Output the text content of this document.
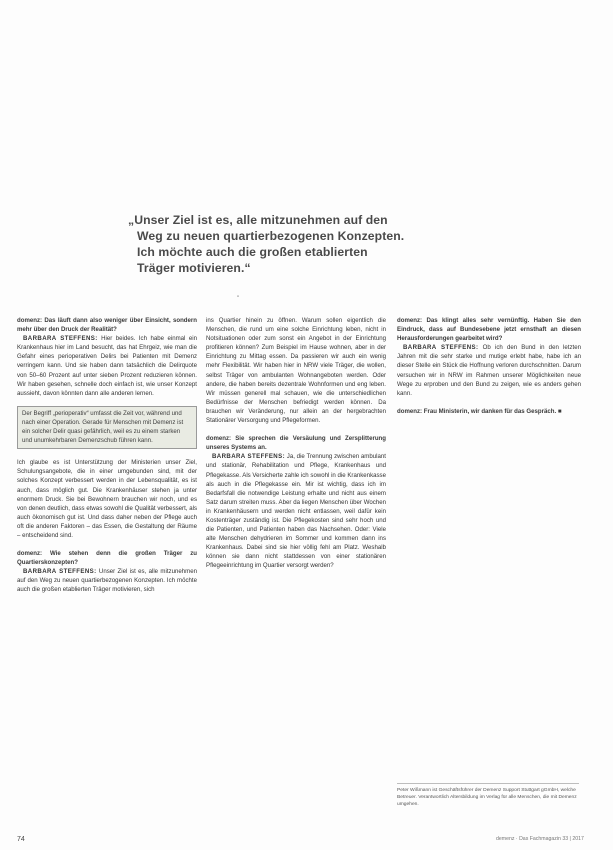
„Unser Ziel ist es, alle mitzunehmen auf den
Weg zu neuen quartierbezogenen Konzepten.
Ich möchte auch die großen etablierten
Träger motivieren.“
"

domenz: Das läuft dann also weniger über Einsicht, sondern mehr über den Druck der Realität?

BARBARA STEFFENS: Hier beides. Ich habe einmal ein Krankenhaus hier im Land besucht, das hat Ehrgeiz, wie man die Gefahr eines perioperativen Delirs bei Patienten mit Demenz verringern kann. Und sie haben dann tatsächlich die Delirquote von 50–60 Prozent auf unter sieben Prozent reduzieren können. Wir haben gesehen, schnelle doch einfach ist, wie unser Konzept aussieht, davon könnten dann alle anderen lernen.

Der Begriff „perioperativ“ umfasst die Zeit vor, während und nach einer Operation. Gerade für Menschen mit Demenz ist ein solcher Delir quasi gefährlich, weil es zu einem starken und unumkehrbaren Demenzschub führen kann.

Ich glaube es ist Unterstützung der Ministerien unser Ziel, Schulungsangebote, die in einer umgebunden sind, mit der solches Konzept verbessert werden in der Lebensqualität, es ist auch, dass möglich gut. Die Krankenhäuser stehen ja unter enormem Druck. Sie bei Bewohnern brauchen wir noch, und es von denen deutlich, dass etwas sowohl die Qualität verbessert, als auch ökonomisch gut ist. Und dass daher neben der Pflege auch oft die anderen Faktoren – das Essen, die Gestaltung der Räume – entscheidend sind.

domenz: Wie stehen denn die großen Träger zu Quartierskonzepten?

BARBARA STEFFENS: Unser Ziel ist es, alle mitzunehmen auf den Weg zu neuen quartierbezogenen Konzepten. Ich möchte auch die großen etablierten Träger motivieren, sich

ins Quartier hinein zu öffnen. Warum sollen eigentlich die Menschen, die rund um eine solche Einrichtung leben, nicht in Notsituationen oder zum sonst ein Angebot in der Einrichtung profitieren können? Zum Beispiel im Hause wohnen, aber in der Einrichtung zu Mittag essen. Da passieren wir auch ein wenig mehr Flexibilität. Wir haben hier in NRW viele Träger, die wollen, selbst Träger von ambulanten Wohnangeboten werden. Oder andere, die haben bereits dezentrale Wohnformen und eng leben. Wir müssen generell mal schauen, wie die unterschiedlichen Bedürfnisse der Menschen befriedigt werden können. Da brauchen wir Veränderung, nur allein an der hergebrachten Stationärer Versorgung und Pflegeformen.

domenz: Sie sprechen die Versäulung und Zersplitterung unseres Systems an.

BARBARA STEFFENS: Ja, die Trennung zwischen ambulant und stationär, Rehabilitation und Pflege, Krankenhaus und Pflegekasse. Als Versicherte zahle ich sowohl in die Krankenkasse als auch in die Pflegekasse ein. Mir ist wichtig, dass ich im Bedarfsfall die notwendige Leistung erhalte und nicht aus einem Satz darum streiten muss. Aber da liegen Menschen über Wochen in Krankenhäusern und werden nicht entlassen, weil dafür kein Kostenträger zuständig ist. Die Pflegekosten sind sehr hoch und die Patienten, und Patienten haben das Nachsehen. Oder: Viele alte Menschen dehydrieren im Sommer und kommen dann ins Krankenhaus. Dabei sind sie hier völlig fehl am Platz. Weshalb können sie dann nicht stattdessen von einer stationären Pflegeeinrichtung im Quartier versorgt werden?

domenz: Das klingt alles sehr vernünftig. Haben Sie den Eindruck, dass auf Bundesebene jetzt ernsthaft an diesen Herausforderungen gearbeitet wird?

BARBARA STEFFENS: Ob ich den Bund in den letzten Jahren mit die sehr starke und mutige erlebt habe, habe ich an dieser Stelle ein Stück die Hoffnung verloren durchschnitten. Darum versuchen wir in NRW im Rahmen unserer Möglichkeiten neue Wege zu erproben und den Bund zu zeigen, wie es anders gehen kann.

domenz: Frau Ministerin, wir danken für das Gespräch. ■

Peter Wißmann ist Geschäftsführer der Demenz Support Stuttgart gGmbH, welche Betreuer. Verantwortlich Altersbildung im Verlag für alle Menschen, die mit Demenz umgehen.
74	demenz · Das Fachmagazin 33 | 2017
